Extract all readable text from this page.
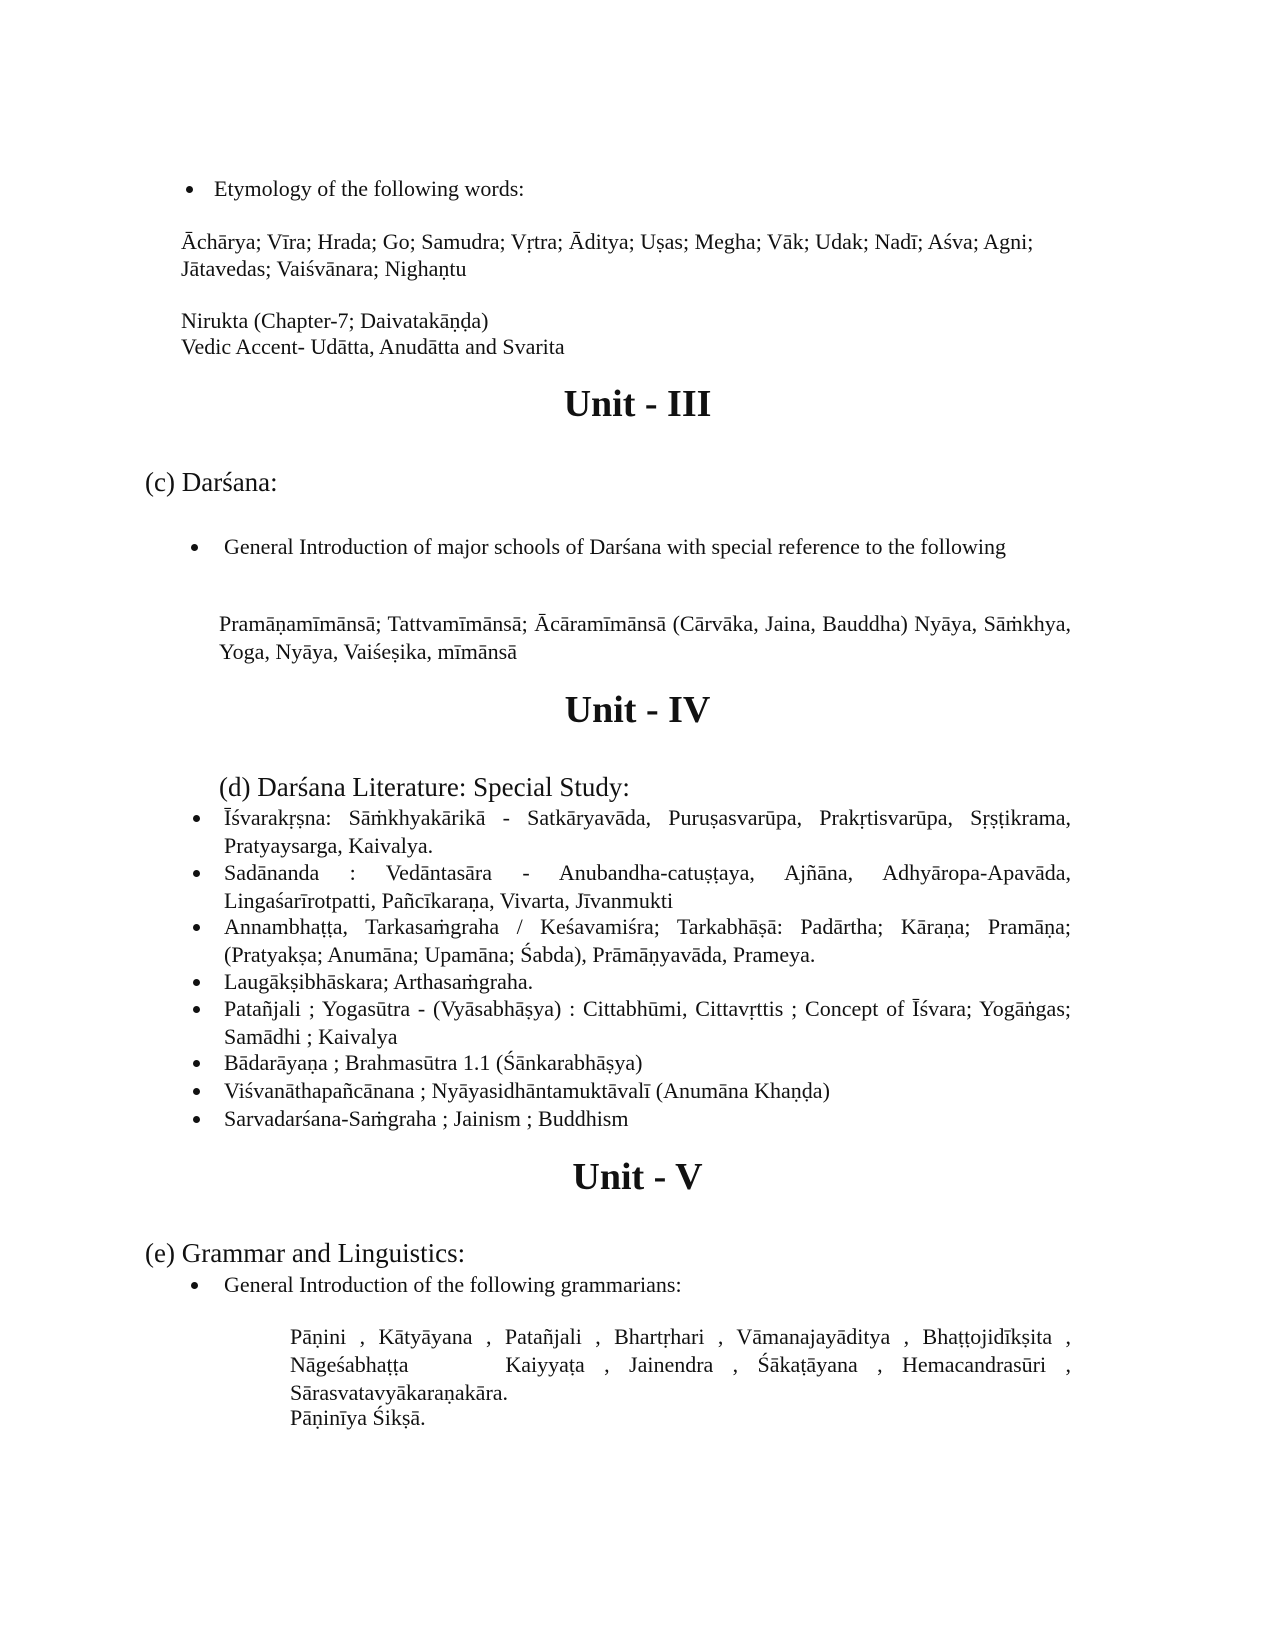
Etymology of the following words:
Āchārya; Vīra; Hrada; Go; Samudra; Vṛtra; Āditya; Uṣas; Megha; Vāk; Udak; Nadī; Aśva; Agni;
Jātavedas; Vaiśvānara; Nighaṇtu
Nirukta (Chapter-7; Daivatakāṇḍa)
Vedic Accent- Udātta, Anudātta and Svarita
Unit - III
(c) Darśana:
General Introduction of major schools of Darśana with special reference to the following
Pramāṇamīmānsā; Tattvamīmānsā; Ācāramīmānsā (Cārvāka, Jaina, Bauddha) Nyāya, Sāṁkhya, Yoga, Nyāya, Vaiśeṣika, mīmānsā
Unit - IV
(d) Darśana Literature: Special Study:
Īśvarakṛṣna: Sāṁkhyakārikā - Satkāryavāda, Puruṣasvarūpa, Prakṛtisvarūpa, Sṛṣṭikrama, Pratyaysarga, Kaivalya.
Sadānanda : Vedāntasāra - Anubandha-catuṣṭaya, Ajñāna, Adhyāropa-Apavāda, Lingaśarīrotpatti, Pañcīkaraṇa, Vivarta, Jīvanmukti
Annambhaṭṭa, Tarkasaṁgraha / Keśavamiśra; Tarkabhāṣā: Padārtha; Kāraṇa; Pramāṇa; (Pratyakṣa; Anumāna; Upamāna; Śabda), Prāmāṇyavāda, Prameya.
Laugākṣibhāskara; Arthasaṁgraha.
Patañjali ; Yogasūtra - (Vyāsabhāṣya) : Cittabhūmi, Cittavṛttis ; Concept of Īśvara; Yogāṅgas; Samādhi ; Kaivalya
Bādarāyaṇa ; Brahmasūtra 1.1 (Śānkarabhāṣya)
Viśvanāthapañcānana ; Nyāyasidhāntamuktāvalī (Anumāna Khaṇḍa)
Sarvadarśana-Saṁgraha ; Jainism ; Buddhism
Unit - V
(e) Grammar and Linguistics:
General Introduction of the following grammarians:
Pāṇini , Kātyāyana , Patañjali , Bhartṛhari , Vāmanajayāditya , Bhaṭṭojidīkṣita , Nāgeśabhaṭṭa     Kaiyyaṭa , Jainendra , Śākaṭāyana , Hemacandrasūri , Sārasvatavyākaraṇakāra.
Pāṇinīya Śikṣā.
